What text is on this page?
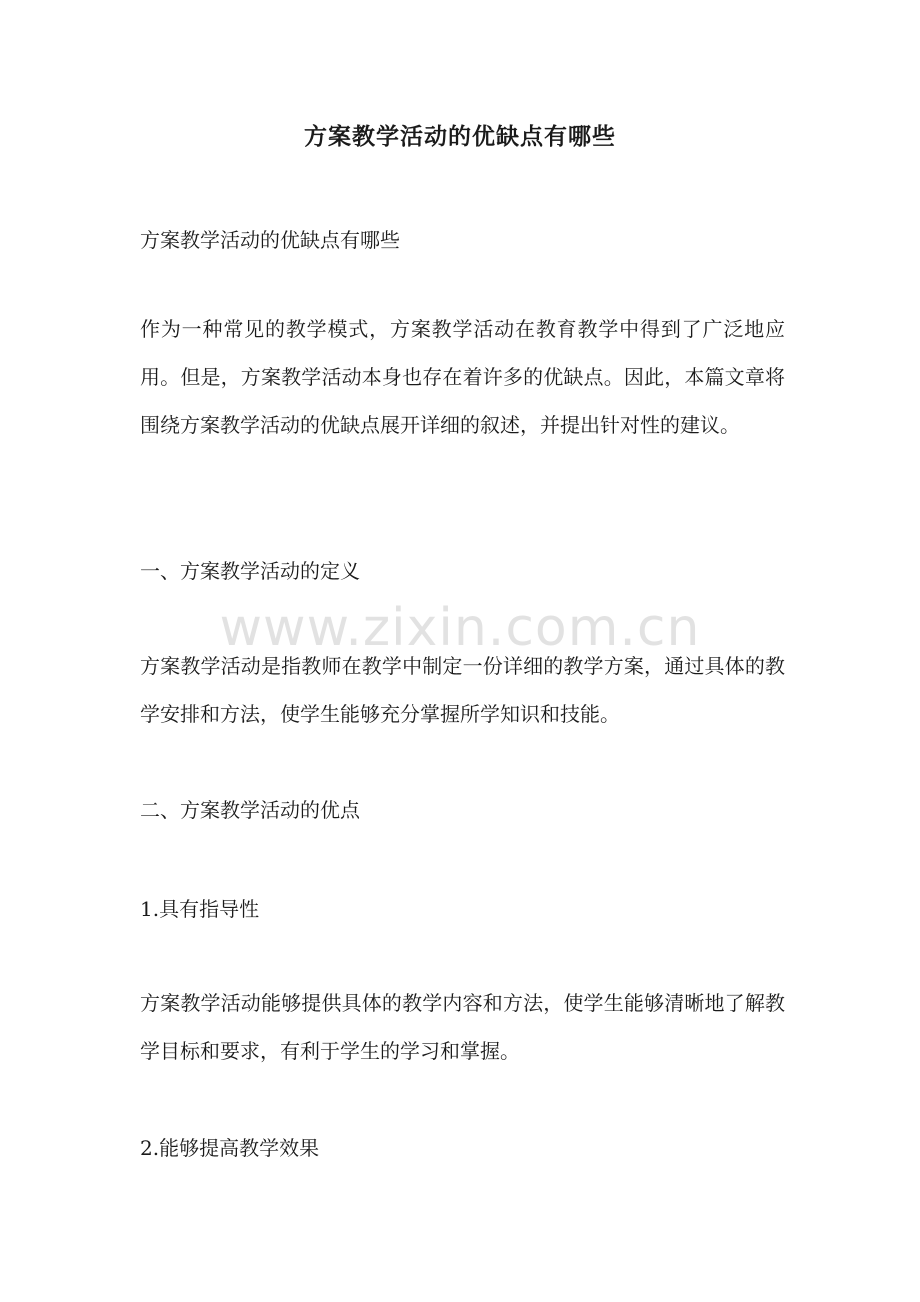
方案教学活动的优缺点有哪些

方案教学活动的优缺点有哪些

作为一种常见的教学模式，方案教学活动在教育教学中得到了广泛地应用。但是，方案教学活动本身也存在着许多的优缺点。因此，本篇文章将围绕方案教学活动的优缺点展开详细的叙述，并提出针对性的建议。

一、方案教学活动的定义

方案教学活动是指教师在教学中制定一份详细的教学方案，通过具体的教学安排和方法，使学生能够充分掌握所学知识和技能。

二、方案教学活动的优点

1.具有指导性

方案教学活动能够提供具体的教学内容和方法，使学生能够清晰地了解教学目标和要求，有利于学生的学习和掌握。

2.能够提高教学效果

www.zixin.com.cn
